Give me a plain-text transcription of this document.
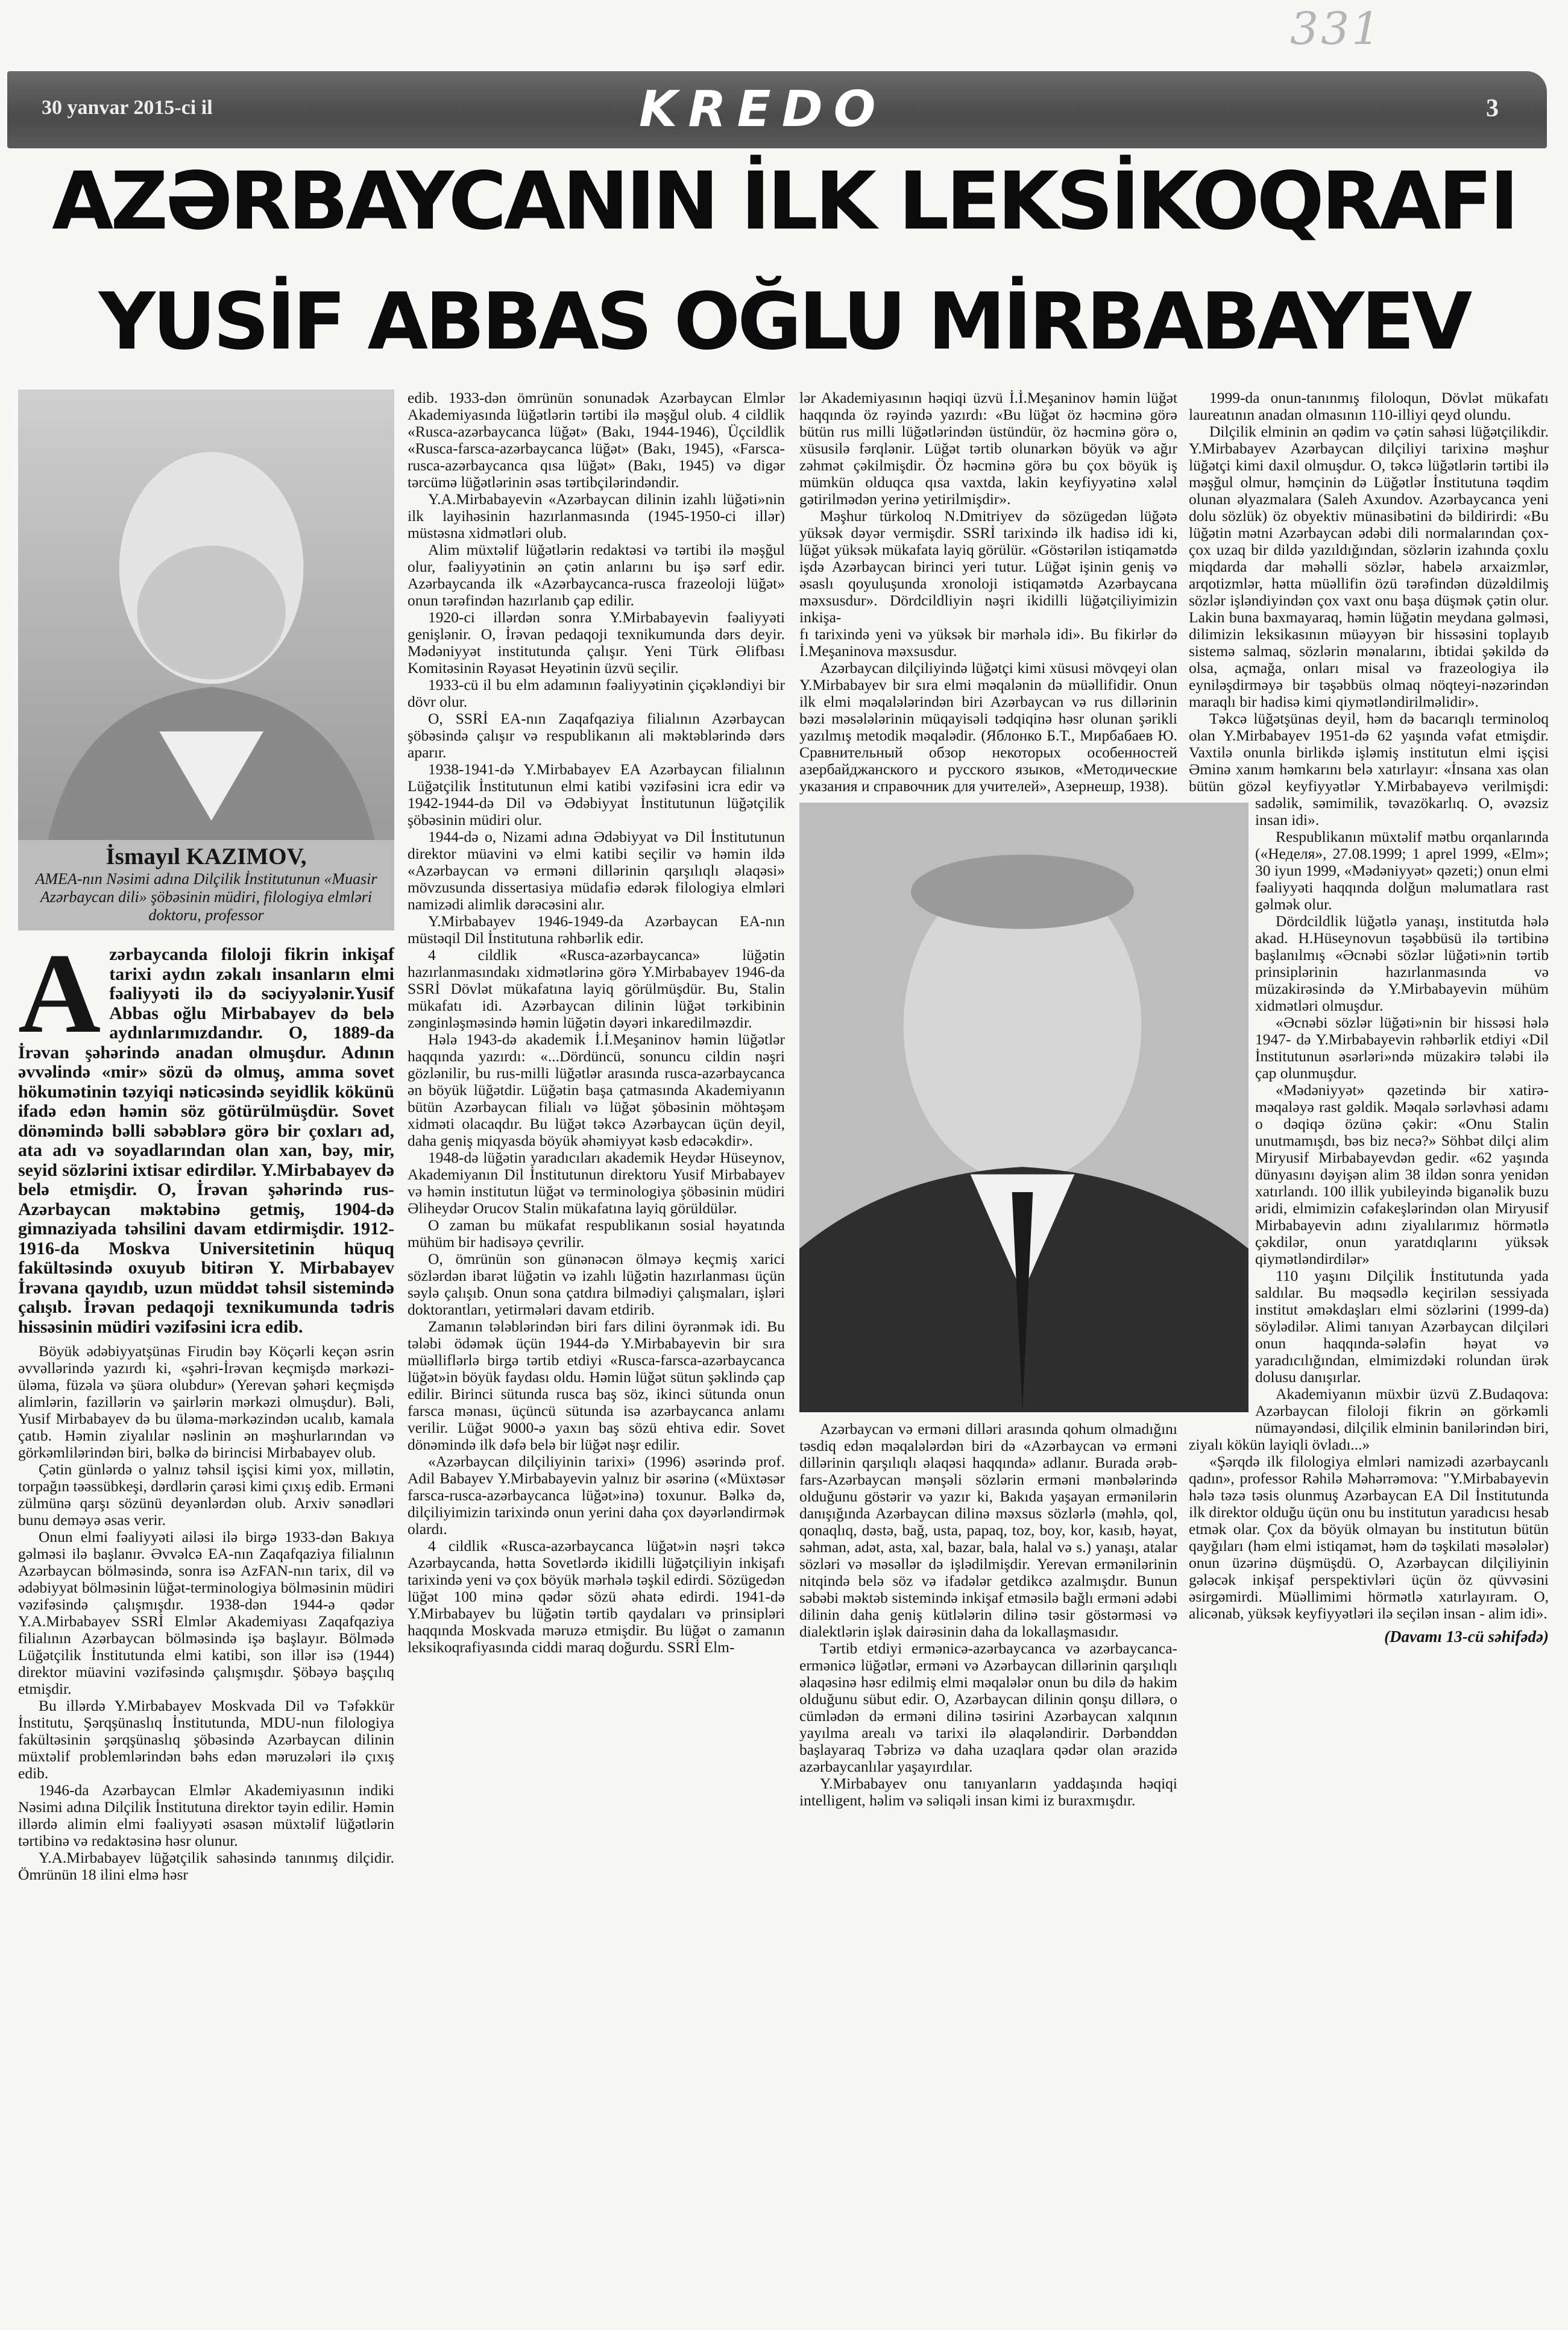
331
30 yanvar 2015-ci il	KREDO	3
AZƏRBAYCANIN İLK LEKSİKOQRAFI
YUSİF ABBAS OĞLU MİRBABAYEV
İsmayıl KAZIMOV,
AMEA-nın Nəsimi adına Dilçilik İnstitutunun «Muasir Azərbaycan dili» şöbəsinin müdiri, filologiya elmləri doktoru, professor
A zərbaycanda filoloji fikrin inkişaf tarixi aydın zəkalı insanların elmi fəaliyyəti ilə də səciyyələnir.Yusif Abbas oğlu Mirbabayev də belə aydınlarımızdandır. O, 1889-da İrəvan şəhərində anadan olmuşdur. Adının əvvəlində «mir» sözü də olmuş, amma sovet hökumətinin təzyiqi nəticəsində seyidlik kökünü ifadə edən həmin söz götürülmüşdür. Sovet dönəmində bəlli səbəblərə görə bir çoxları ad, ata adı və soyadlarından olan xan, bəy, mir, seyid sözlərini ixtisar edirdilər. Y.Mirbabayev də belə etmişdir. O, İrəvan şəhərində rus-Azərbaycan məktəbinə getmiş, 1904-də gimnaziyada təhsilini davam etdirmişdir. 1912- 1916-da Moskva Universitetinin hüquq fakültəsində oxuyub bitirən Y. Mirbabayev İrəvana qayıdıb, uzun müddət təhsil sistemində çalışıb. İrəvan pedaqoji texnikumunda tədris hissəsinin müdiri vəzifəsini icra edib.

Böyük ədəbiyyatşünas Firudin bəy Köçərli keçən əsrin əvvəllərində yazırdı ki, «şəhri-İrəvan keçmişdə mərkəzi-üləma, füzəla və şüəra olubdur» (Yerevan şəhəri keçmişdə alimlərin, fazillərin və şairlərin mərkəzi olmuşdur). Bəli, Yusif Mirbabayev də bu üləma-mərkəzindən ucalıb, kamala çatıb. Həmin ziyalılar nəslinin ən məşhurlarından və görkəmlilərindən biri, bəlkə də birincisi Mirbabayev olub.

Çətin günlərdə o yalnız təhsil işçisi kimi yox, millətin, torpağın təəssübkeşi, dərdlərin çarəsi kimi çıxış edib. Erməni zülmünə qarşı sözünü deyənlərdən olub. Arxiv sənədləri bunu deməyə əsas verir.

Onun elmi fəaliyyəti ailəsi ilə birgə 1933-dən Bakıya gəlməsi ilə başlanır. Əvvəlcə EA-nın Zaqafqaziya filialının Azərbaycan bölməsində, sonra isə AzFAN-nın tarix, dil və ədəbiyyat bölməsinin lüğət-terminologiya bölməsinin müdiri vəzifəsində çalışmışdır. 1938-dən 1944-ə qədər Y.A.Mirbabayev SSRİ Elmlər Akademiyası Zaqafqaziya filialının Azərbaycan bölməsində işə başlayır. Bölmədə Lüğətçilik İnstitutunda elmi katibi, son illər isə (1944) direktor müavini vəzifəsində çalışmışdır. Şöbəyə başçılıq etmişdir.

Bu illərdə Y.Mirbabayev Moskvada Dil və Təfəkkür İnstitutu, Şərqşünaslıq İnstitutunda, MDU-nun filologiya fakültəsinin şərqşünaslıq şöbəsində Azərbaycan dilinin müxtəlif problemlərindən bəhs edən məruzələri ilə çıxış edib.

1946-da Azərbaycan Elmlər Akademiyasının indiki Nəsimi adına Dilçilik İnstitutuna direktor təyin edilir. Həmin illərdə alimin elmi fəaliyyəti əsasən müxtəlif lüğətlərin tərtibinə və redaktəsinə həsr olunur.

Y.A.Mirbabayev lüğətçilik sahəsində tanınmış dilçidir. Ömrünün 18 ilini elmə həsr

edib. 1933-dən ömrünün sonunadək Azərbaycan Elmlər Akademiyasında lüğətlərin tərtibi ilə məşğul olub. 4 cildlik «Rusca-azərbaycanca lüğət» (Bakı, 1944-1946), Üçcildlik «Rusca-farsca-azərbaycanca lüğət» (Bakı, 1945), «Farsca-rusca-azərbaycanca qısa lüğət» (Bakı, 1945) və digər tərcümə lüğətlərinin əsas tərtibçilərindəndir.

Y.A.Mirbabayevin «Azərbaycan dilinin izahlı lüğəti»nin ilk layihəsinin hazırlanmasında (1945-1950-ci illər) müstəsna xidmətləri olub.

Alim müxtəlif lüğətlərin redaktəsi və tərtibi ilə məşğul olur, fəaliyyətinin ən çətin anlarını bu işə sərf edir. Azərbaycanda ilk «Azərbaycanca-rusca frazeoloji lüğət» onun tərəfindən hazırlanıb çap edilir.

1920-ci illərdən sonra Y.Mirbabayevin fəaliyyəti genişlənir. O, İrəvan pedaqoji texnikumunda dərs deyir. Mədəniyyət institutunda çalışır. Yeni Türk Əlifbası Komitəsinin Rəyasət Heyətinin üzvü seçilir.

1933-cü il bu elm adamının fəaliyyətinin çiçəkləndiyi bir dövr olur.

O, SSRİ EA-nın Zaqafqaziya filialının Azərbaycan şöbəsində çalışır və respublikanın ali məktəblərində dərs aparır.

1938-1941-də Y.Mirbabayev EA Azərbaycan filialının Lüğətçilik İnstitutunun elmi katibi vəzifəsini icra edir və 1942-1944-də Dil və Ədəbiyyat İnstitutunun lüğətçilik şöbəsinin müdiri olur.

1944-də o, Nizami adına Ədəbiyyat və Dil İnstitutunun direktor müavini və elmi katibi seçilir və həmin ildə «Azərbaycan və erməni dillərinin qarşılıqlı əlaqəsi» mövzusunda dissertasiya müdafiə edərək filologiya elmləri namizədi alimlik dərəcəsini alır.

Y.Mirbabayev 1946-1949-da Azərbaycan EA-nın müstəqil Dil İnstitutuna rəhbərlik edir.

4 cildlik «Rusca-azərbaycanca» lüğətin hazırlanmasındakı xidmətlərinə görə Y.Mirbabayev 1946-da SSRİ Dövlət mükafatına layiq görülmüşdür. Bu, Stalin mükafatı idi. Azərbaycan dilinin lüğət tərkibinin zənginləşməsində həmin lüğətin dəyəri inkaredilməzdir.

Hələ 1943-də akademik İ.İ.Meşaninov həmin lüğətlər haqqında yazırdı: «...Dördüncü, sonuncu cildin nəşri gözlənilir, bu rus-milli lüğətlər arasında rusca-azərbaycanca ən böyük lüğətdir. Lüğətin başa çatmasında Akademiyanın bütün Azərbaycan filialı və lüğət şöbəsinin möhtəşəm xidməti olacaqdır. Bu lüğət təkcə Azərbaycan üçün deyil, daha geniş miqyasda böyük əhəmiyyət kəsb edəcəkdir».

1948-də lüğətin yaradıcıları akademik Heydər Hüseynov, Akademiyanın Dil İnstitutunun direktoru Yusif Mirbabayev və həmin institutun lüğət və terminologiya şöbəsinin müdiri Əliheydər Orucov Stalin mükafatına layiq görüldülər.

O zaman bu mükafat respublikanın sosial həyatında mühüm bir hadisəyə çevrilir.

O, ömrünün son günənəcən ölməyə keçmiş xarici sözlərdən ibarət lüğətin və izahlı lüğətin hazırlanması üçün səylə çalışıb. Onun sona çatdıra bilmədiyi çalışmaları, işləri doktorantları, yetirmələri davam etdirib.

Zamanın tələblərindən biri fars dilini öyrənmək idi. Bu tələbi ödəmək üçün 1944-də Y.Mirbabayevin bir sıra müəlliflərlə birgə tərtib etdiyi «Rusca-farsca-azərbaycanca lüğət»in böyük faydası oldu. Həmin lüğət sütun şəklində çap edilir. Birinci sütunda rusca baş söz, ikinci sütunda onun farsca mənası, üçüncü sütunda isə azərbaycanca anlamı verilir. Lüğət 9000-ə yaxın baş sözü ehtiva edir. Sovet dönəmində ilk dəfə belə bir lüğət nəşr edilir.

«Azərbaycan dilçiliyinin tarixi» (1996) əsərində prof. Adil Babayev Y.Mirbabayevin yalnız bir əsərinə («Müxtəsər farsca-rusca-azərbaycanca lüğət»inə) toxunur. Bəlkə də, dilçiliyimizin tarixində onun yerini daha çox dəyərləndirmək olardı.

4 cildlik «Rusca-azərbaycanca lüğət»in nəşri təkcə Azərbaycanda, hətta Sovetlərdə ikidilli lüğətçiliyin inkişafı tarixində yeni və çox böyük mərhələ təşkil edirdi. Sözügedən lüğət 100 minə qədər sözü əhatə edirdi. 1941-də Y.Mirbabayev bu lüğətin tərtib qaydaları və prinsipləri haqqında Moskvada məruzə etmişdir. Bu lüğət o zamanın leksikoqrafiyasında ciddi maraq doğurdu. SSRİ Elm-

lər Akademiyasının həqiqi üzvü İ.İ.Meşaninov həmin lüğət haqqında öz rəyində yazırdı: «Bu lüğət öz həcminə görə bütün rus milli lüğətlərindən üstündür, öz həcminə görə o, xüsusilə fərqlənir. Lüğət tərtib olunarkən böyük və ağır zəhmət çəkilmişdir. Öz həcminə görə bu çox böyük iş mümkün olduqca qısa vaxtda, lakin keyfiyyətinə xələl gətirilmədən yerinə yetirilmişdir».

Məşhur türkoloq N.Dmitriyev də sözügedən lüğətə yüksək dəyər vermişdir. SSRİ tarixində ilk hadisə idi ki, lüğət yüksək mükafata layiq görülür. «Göstərilən istiqamətdə işdə Azərbaycan birinci yeri tutur. Lüğət işinin geniş və əsaslı qoyuluşunda xronoloji istiqamətdə Azərbaycana məxsusdur». Dördcildliyin nəşri ikidilli lüğətçiliyimizin inkişa-

fı tarixində yeni və yüksək bir mərhələ idi». Bu fikirlər də İ.Meşaninova məxsusdur.

Azərbaycan dilçiliyində lüğətçi kimi xüsusi mövqeyi olan Y.Mirbabayev bir sıra elmi məqalənin də müəllifidir. Onun ilk elmi məqalələrindən biri Azərbaycan və rus dillərinin bəzi məsələlərinin müqayisəli tədqiqinə həsr olunan şərikli yazılmış metodik məqalədir. (Яблонко Б.Т., Мирбабаев Ю. Сравнительный обзор некоторых особенностей азербайджанского и русского языков, «Методические указания и справочник для учителей», Азернешр, 1938).

Azərbaycan və erməni dilləri arasında qohum olmadığını təsdiq edən məqalələrdən biri də «Azərbaycan və erməni dillərinin qarşılıqlı əlaqəsi haqqında» adlanır. Burada ərəb-fars-Azərbaycan mənşəli sözlərin erməni mənbələrində olduğunu göstərir və yazır ki, Bakıda yaşayan ermənilərin danışığında Azərbaycan dilinə məxsus sözlərlə (məhlə, qol, qonaqlıq, dəstə, bağ, usta, papaq, toz, boy, kor, kasıb, həyat, səhman, adət, asta, xal, bazar, bala, halal və s.) yanaşı, atalar sözləri və məsəllər də işlədilmişdir. Yerevan ermənilərinin nitqində belə söz və ifadələr getdikcə azalmışdır. Bunun səbəbi məktəb sistemində inkişaf etməsilə bağlı erməni ədəbi dilinin daha geniş kütlələrin dilinə təsir göstərməsi və dialektlərin işlək dairəsinin daha da lokallaşmasıdır.

Tərtib etdiyi ermənicə-azərbaycanca və azərbaycanca-ermənicə lüğətlər, erməni və Azərbaycan dillərinin qarşılıqlı əlaqəsinə həsr edilmiş elmi məqalələr onun bu dilə də hakim olduğunu sübut edir. O, Azərbaycan dilinin qonşu dillərə, o cümlədən də erməni dilinə təsirini Azərbaycan xalqının yayılma arealı və tarixi ilə əlaqələndirir. Dərbənddən başlayaraq Təbrizə və daha uzaqlara qədər olan ərazidə azərbaycanlılar yaşayırdılar.

Y.Mirbabayev onu tanıyanların yaddaşında həqiqi intelligent, həlim və səliqəli insan kimi iz buraxmışdır.

1999-da onun-tanınmış filoloqun, Dövlət mükafatı laureatının anadan olmasının 110-illiyi qeyd olundu.

Dilçilik elminin ən qədim və çətin sahəsi lüğətçilikdir. Y.Mirbabayev Azərbaycan dilçiliyi tarixinə məşhur lüğətçi kimi daxil olmuşdur. O, təkcə lüğətlərin tərtibi ilə məşğul olmur, həmçinin də Lüğətlər İnstitutuna təqdim olunan əlyazmalara (Saleh Axundov. Azərbaycanca yeni dolu sözlük) öz obyektiv münasibətini də bildirirdi: «Bu lüğətin mətni Azərbaycan ədəbi dili normalarından çox-çox uzaq bir dildə yazıldığından, sözlərin izahında çoxlu miqdarda dar məhəlli sözlər, habelə arxaizmlər, arqotizmlər, hətta müəllifin özü tərəfindən düzəldilmiş sözlər işləndiyindən çox vaxt onu başa düşmək çətin olur. Lakin buna baxmayaraq, həmin lüğətin meydana gəlməsi, dilimizin leksikasının müəyyən bir hissəsini toplayıb sistemə salmaq, sözlərin mənalarını, ibtidai şəkildə də olsa, açmağa, onları misal və frazeologiya ilə eyniləşdirməyə bir təşəbbüs olmaq nöqteyi-nəzərindən maraqlı bir hadisə kimi qiymətləndirilməlidir».

Təkcə lüğətşünas deyil, həm də bacarıqlı terminoloq olan Y.Mirbabayev 1951-də 62 yaşında vəfat etmişdir. Vaxtilə onunla birlikdə işləmiş institutun elmi işçisi Əminə xanım həmkarını belə xatırlayır: «İnsana xas olan bütün gözəl keyfiyyətlər Y.Mirbabayevə verilmişdi: sadəlik, səmimilik, təvazökarlıq. O, əvəzsiz insan idi».

Respublikanın müxtəlif mətbu orqanlarında («Неделя», 27.08.1999; 1 aprel 1999, «Elm»; 30 iyun 1999, «Mədəniyyət» qəzeti;) onun elmi fəaliyyəti haqqında dolğun məlumatlara rast gəlmək olur.

Dördcildlik lüğətlə yanaşı, institutda hələ akad. H.Hüseynovun təşəbbüsü ilə tərtibinə başlanılmış «Əcnəbi sözlər lüğəti»nin tərtib prinsiplərinin hazırlanmasında və müzakirəsində də Y.Mirbabayevin mühüm xidmətləri olmuşdur.

«Əcnəbi sözlər lüğəti»nin bir hissəsi hələ 1947- də Y.Mirbabayevin rəhbərlik etdiyi «Dil İnstitutunun əsərləri»ndə müzakirə tələbi ilə çap olunmuşdur.

«Mədəniyyət» qəzetində bir xatirə-məqaləyə rast gəldik. Məqalə sərləvhəsi adamı o dəqiqə özünə çəkir: «Onu Stalin unutmamışdı, bəs biz necə?» Söhbət dilçi alim Miryusif Mirbabayevdən gedir. «62 yaşında dünyasını dəyişən alim 38 ildən sonra yenidən xatırlandı. 100 illik yubileyində biganəlik buzu əridi, elmimizin cəfakeşlərindən olan Miryusif Mirbabayevin adını ziyalılarımız hörmətlə çəkdilər, onun yaratdıqlarını yüksək qiymətləndirdilər»

110 yaşını Dilçilik İnstitutunda yada saldılar. Bu məqsədlə keçirilən sessiyada institut əməkdaşları elmi sözlərini (1999-da) söylədilər. Alimi tanıyan Azərbaycan dilçiləri onun haqqında-sələfin həyat və yaradıcılığından, elmimizdəki rolundan ürək dolusu danışırlar.

Akademiyanın müxbir üzvü Z.Budaqova: Azərbaycan filoloji fikrin ən görkəmli nümayəndəsi, dilçilik elminin banilərindən biri, ziyalı kökün layiqli övladı...»

«Şərqdə ilk filologiya elmləri namizədi azərbaycanlı qadın», professor Rəhilə Məhərrəmova: "Y.Mirbabayevin hələ təzə təsis olunmuş Azərbaycan EA Dil İnstitutunda ilk direktor olduğu üçün onu bu institutun yaradıcısı hesab etmək olar. Çox da böyük olmayan bu institutun bütün qayğıları (həm elmi istiqamət, həm də təşkilati məsələlər) onun üzərinə düşmüşdü. O, Azərbaycan dilçiliyinin gələcək inkişaf perspektivləri üçün öz qüvvəsini əsirgəmirdi. Müəllimimi hörmətlə xatırlayıram. O, alicənab, yüksək keyfiyyətləri ilə seçilən insan - alim idi».

(Davamı 13-cü səhifədə)
